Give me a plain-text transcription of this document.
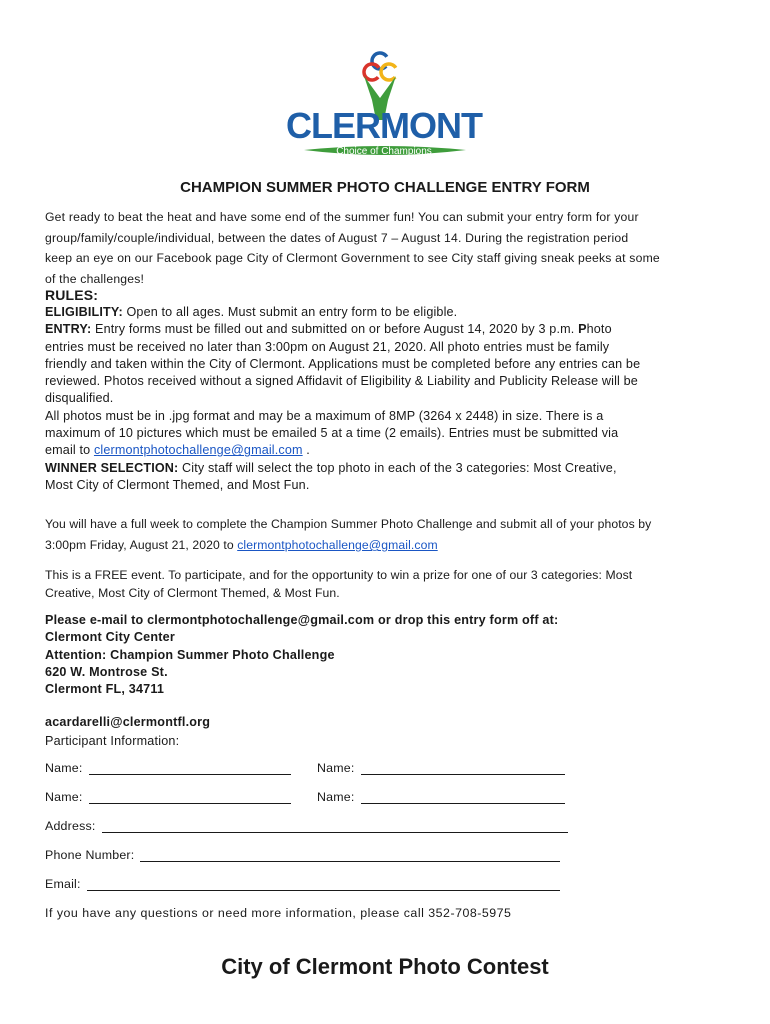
CLERMONT
Choice of Champions
CHAMPION SUMMER PHOTO CHALLENGE ENTRY FORM
Get ready to beat the heat and have some end of the summer fun! You can submit your entry form for your
group/family/couple/individual, between the dates of August 7 – August 14. During the registration period
keep an eye on our Facebook page City of Clermont Government to see City staff giving sneak peeks at some
of the challenges!
RULES:
ELIGIBILITY: Open to all ages. Must submit an entry form to be eligible.
ENTRY: Entry forms must be filled out and submitted on or before August 14, 2020 by 3 p.m. Photo
entries must be received no later than 3:00pm on August 21, 2020. All photo entries must be family
friendly and taken within the City of Clermont. Applications must be completed before any entries can be
reviewed. Photos received without a signed Affidavit of Eligibility & Liability and Publicity Release will be
disqualified.
All photos must be in .jpg format and may be a maximum of 8MP (3264 x 2448) in size. There is a
maximum of 10 pictures which must be emailed 5 at a time (2 emails). Entries must be submitted via
email to clermontphotochallenge@gmail.com .
WINNER SELECTION: City staff will select the top photo in each of the 3 categories: Most Creative,
Most City of Clermont Themed, and Most Fun.
You will have a full week to complete the Champion Summer Photo Challenge and submit all of your photos by
3:00pm Friday, August 21, 2020 to clermontphotochallenge@gmail.com
This is a FREE event. To participate, and for the opportunity to win a prize for one of our 3 categories: Most
Creative, Most City of Clermont Themed, & Most Fun.
Please e-mail to clermontphotochallenge@gmail.com or drop this entry form off at:
Clermont City Center
Attention: Champion Summer Photo Challenge
620 W. Montrose St.
Clermont FL, 34711
acardarelli@clermontfl.org
Participant Information:
Name:	Name:
Name:	Name:
Address:
Phone Number:
Email:
If you have any questions or need more information, please call 352-708-5975
City of Clermont Photo Contest
